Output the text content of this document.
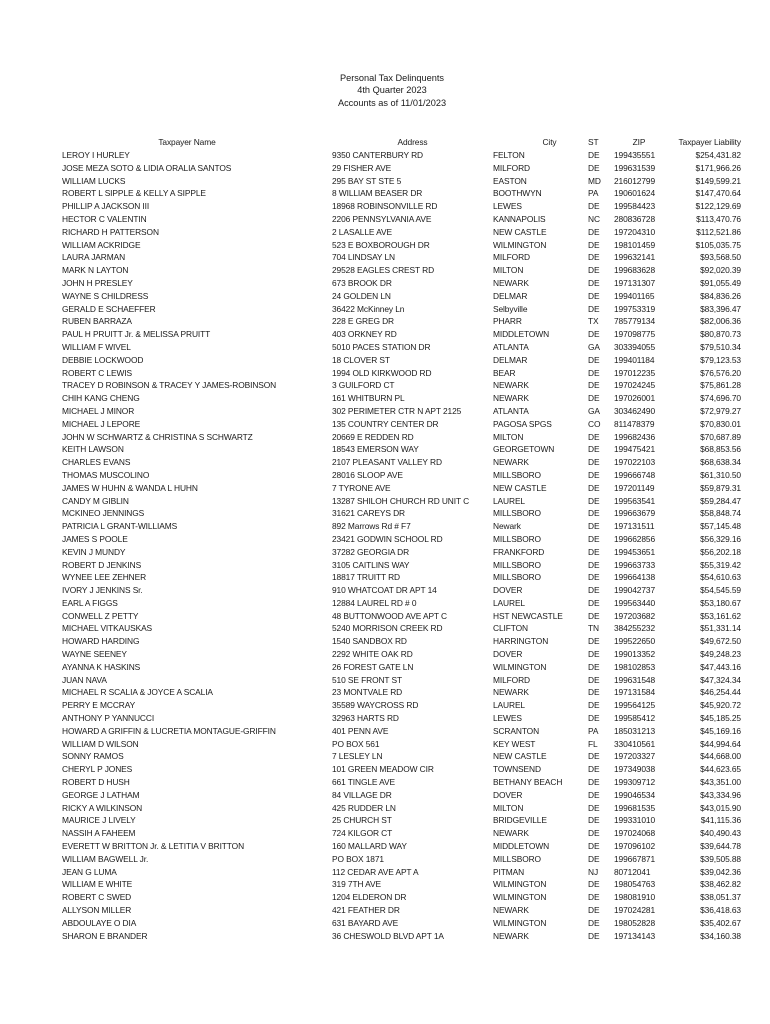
Personal Tax Delinquents
4th Quarter 2023
Accounts as of 11/01/2023
Taxpayer Name	Address	City	ST	ZIP	Taxpayer Liability
LEROY I HURLEY	9350 CANTERBURY RD	FELTON	DE	199435551	$254,431.82
JOSE MEZA SOTO & LIDIA ORALIA SANTOS	29 FISHER AVE	MILFORD	DE	199631539	$171,966.26
WILLIAM LUCKS	295 BAY ST STE 5	EASTON	MD	216012799	$149,599.21
ROBERT L SIPPLE & KELLY A SIPPLE	8 WILLIAM BEASER DR	BOOTHWYN	PA	190601624	$147,470.64
PHILLIP A JACKSON III	18968 ROBINSONVILLE RD	LEWES	DE	199584423	$122,129.69
HECTOR C VALENTIN	2206 PENNSYLVANIA AVE	KANNAPOLIS	NC	280836728	$113,470.76
RICHARD H PATTERSON	2 LASALLE AVE	NEW CASTLE	DE	197204310	$112,521.86
WILLIAM ACKRIDGE	523 E BOXBOROUGH DR	WILMINGTON	DE	198101459	$105,035.75
LAURA JARMAN	704 LINDSAY LN	MILFORD	DE	199632141	$93,568.50
MARK N LAYTON	29528 EAGLES CREST RD	MILTON	DE	199683628	$92,020.39
JOHN H PRESLEY	673 BROOK DR	NEWARK	DE	197131307	$91,055.49
WAYNE S CHILDRESS	24 GOLDEN LN	DELMAR	DE	199401165	$84,836.26
GERALD E SCHAEFFER	36422 McKinney Ln	Selbyville	DE	199753319	$83,396.47
RUBEN BARRAZA	228 E GREG DR	PHARR	TX	785779134	$82,006.36
PAUL H PRUITT Jr. & MELISSA PRUITT	403 ORKNEY RD	MIDDLETOWN	DE	197098775	$80,870.73
WILLIAM F WIVEL	5010 PACES STATION DR	ATLANTA	GA	303394055	$79,510.34
DEBBIE LOCKWOOD	18 CLOVER ST	DELMAR	DE	199401184	$79,123.53
ROBERT C LEWIS	1994 OLD KIRKWOOD RD	BEAR	DE	197012235	$76,576.20
TRACEY D ROBINSON & TRACEY Y JAMES-ROBINSON	3 GUILFORD CT	NEWARK	DE	197024245	$75,861.28
CHIH KANG CHENG	161 WHITBURN PL	NEWARK	DE	197026001	$74,696.70
MICHAEL J MINOR	302 PERIMETER CTR N APT 2125	ATLANTA	GA	303462490	$72,979.27
MICHAEL J LEPORE	135 COUNTRY CENTER DR	PAGOSA SPGS	CO	811478379	$70,830.01
JOHN W SCHWARTZ & CHRISTINA S SCHWARTZ	20669 E REDDEN RD	MILTON	DE	199682436	$70,687.89
KEITH LAWSON	18543 EMERSON WAY	GEORGETOWN	DE	199475421	$68,853.56
CHARLES EVANS	2107 PLEASANT VALLEY RD	NEWARK	DE	197022103	$68,638.34
THOMAS MUSCOLINO	28016 SLOOP AVE	MILLSBORO	DE	199666748	$61,310.50
JAMES W HUHN & WANDA L HUHN	7 TYRONE AVE	NEW CASTLE	DE	197201149	$59,879.31
CANDY M GIBLIN	13287 SHILOH CHURCH RD UNIT C	LAUREL	DE	199563541	$59,284.47
MCKINEO JENNINGS	31621 CAREYS DR	MILLSBORO	DE	199663679	$58,848.74
PATRICIA L GRANT-WILLIAMS	892 Marrows Rd # F7	Newark	DE	197131511	$57,145.48
JAMES S POOLE	23421 GODWIN SCHOOL RD	MILLSBORO	DE	199662856	$56,329.16
KEVIN J MUNDY	37282 GEORGIA DR	FRANKFORD	DE	199453651	$56,202.18
ROBERT D JENKINS	3105 CAITLINS WAY	MILLSBORO	DE	199663733	$55,319.42
WYNEE LEE ZEHNER	18817 TRUITT RD	MILLSBORO	DE	199664138	$54,610.63
IVORY J JENKINS Sr.	910 WHATCOAT DR APT 14	DOVER	DE	199042737	$54,545.59
EARL A FIGGS	12884 LAUREL RD # 0	LAUREL	DE	199563440	$53,180.67
CONWELL Z PETTY	48 BUTTONWOOD AVE APT C	HST NEWCASTLE	DE	197203682	$53,161.62
MICHAEL VITKAUSKAS	5240 MORRISON CREEK RD	CLIFTON	TN	384255232	$51,331.14
HOWARD HARDING	1540 SANDBOX RD	HARRINGTON	DE	199522650	$49,672.50
WAYNE SEENEY	2292 WHITE OAK RD	DOVER	DE	199013352	$49,248.23
AYANNA K HASKINS	26 FOREST GATE LN	WILMINGTON	DE	198102853	$47,443.16
JUAN NAVA	510 SE FRONT ST	MILFORD	DE	199631548	$47,324.34
MICHAEL R SCALIA & JOYCE A SCALIA	23 MONTVALE RD	NEWARK	DE	197131584	$46,254.44
PERRY E MCCRAY	35589 WAYCROSS RD	LAUREL	DE	199564125	$45,920.72
ANTHONY P YANNUCCI	32963 HARTS RD	LEWES	DE	199585412	$45,185.25
HOWARD A GRIFFIN & LUCRETIA MONTAGUE-GRIFFIN	401 PENN AVE	SCRANTON	PA	185031213	$45,169.16
WILLIAM D WILSON	PO BOX 561	KEY WEST	FL	330410561	$44,994.64
SONNY RAMOS	7 LESLEY LN	NEW CASTLE	DE	197203327	$44,668.00
CHERYL P JONES	101 GREEN MEADOW CIR	TOWNSEND	DE	197349038	$44,623.65
ROBERT D HUSH	661 TINGLE AVE	BETHANY BEACH	DE	199309712	$43,351.00
GEORGE J LATHAM	84 VILLAGE DR	DOVER	DE	199046534	$43,334.96
RICKY A WILKINSON	425 RUDDER LN	MILTON	DE	199681535	$43,015.90
MAURICE J LIVELY	25 CHURCH ST	BRIDGEVILLE	DE	199331010	$41,115.36
NASSIH A FAHEEM	724 KILGOR CT	NEWARK	DE	197024068	$40,490.43
EVERETT W BRITTON Jr. & LETITIA V BRITTON	160 MALLARD WAY	MIDDLETOWN	DE	197096102	$39,644.78
WILLIAM BAGWELL Jr.	PO BOX 1871	MILLSBORO	DE	199667871	$39,505.88
JEAN G LUMA	112 CEDAR AVE APT A	PITMAN	NJ	80712041	$39,042.36
WILLIAM E WHITE	319 7TH AVE	WILMINGTON	DE	198054763	$38,462.82
ROBERT C SWED	1204 ELDERON DR	WILMINGTON	DE	198081910	$38,051.37
ALLYSON MILLER	421 FEATHER DR	NEWARK	DE	197024281	$36,418.63
ABDOULAYE O DIA	631 BAYARD AVE	WILMINGTON	DE	198052828	$35,402.67
SHARON E BRANDER	36 CHESWOLD BLVD APT 1A	NEWARK	DE	197134143	$34,160.38
